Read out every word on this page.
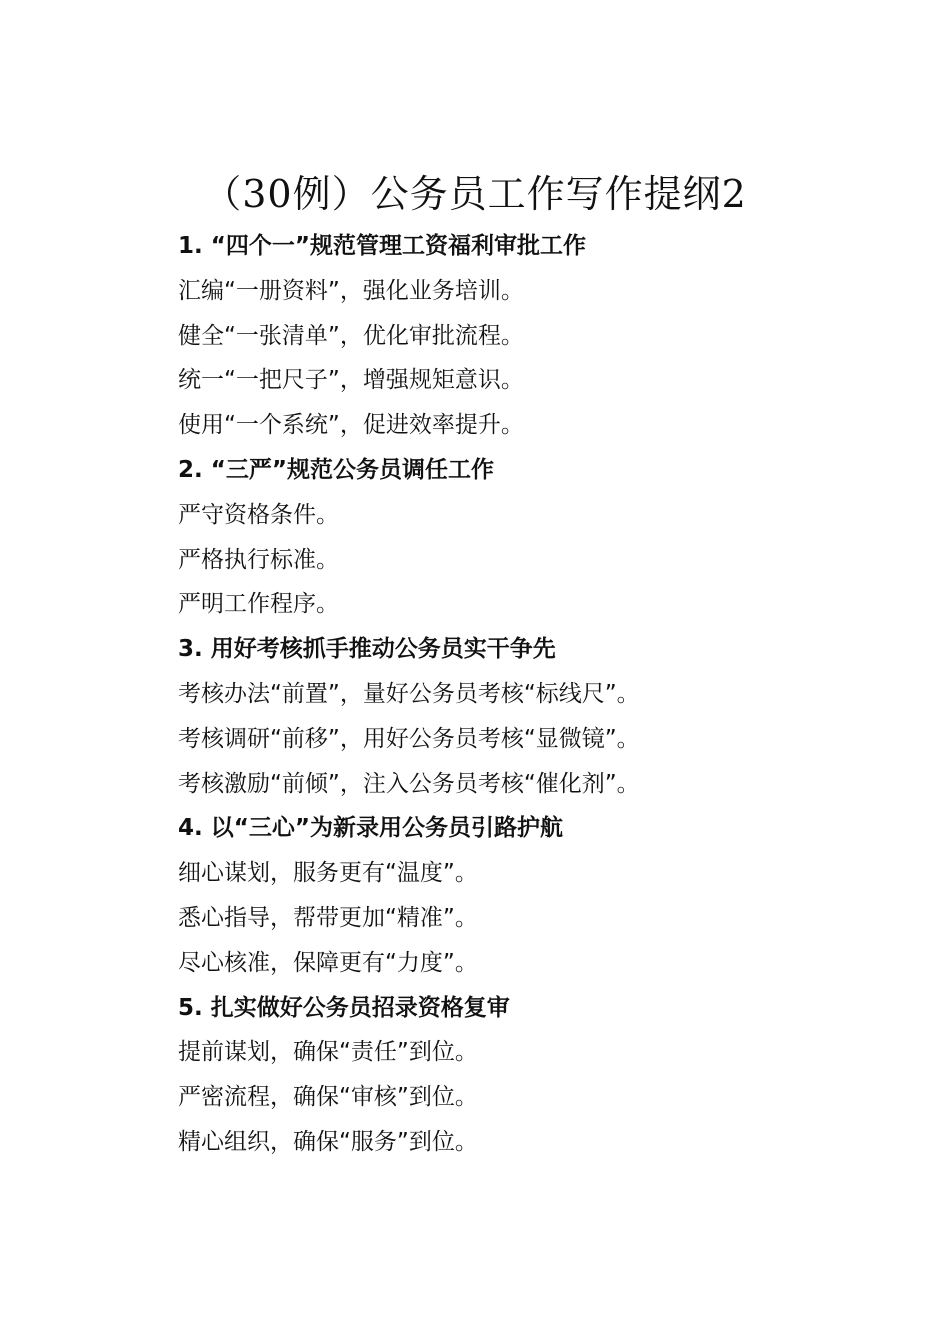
（30例）公务员工作写作提纲2
1. “四个一”规范管理工资福利审批工作
汇编“一册资料”，强化业务培训。
健全“一张清单”，优化审批流程。
统一“一把尺子”，增强规矩意识。
使用“一个系统”，促进效率提升。
2. “三严”规范公务员调任工作
严守资格条件。
严格执行标准。
严明工作程序。
3. 用好考核抓手推动公务员实干争先
考核办法“前置”，量好公务员考核“标线尺”。
考核调研“前移”，用好公务员考核“显微镜”。
考核激励“前倾”，注入公务员考核“催化剂”。
4. 以“三心”为新录用公务员引路护航
细心谋划，服务更有“温度”。
悉心指导，帮带更加“精准”。
尽心核准，保障更有“力度”。
5. 扎实做好公务员招录资格复审
提前谋划，确保“责任”到位。
严密流程，确保“审核”到位。
精心组织，确保“服务”到位。
